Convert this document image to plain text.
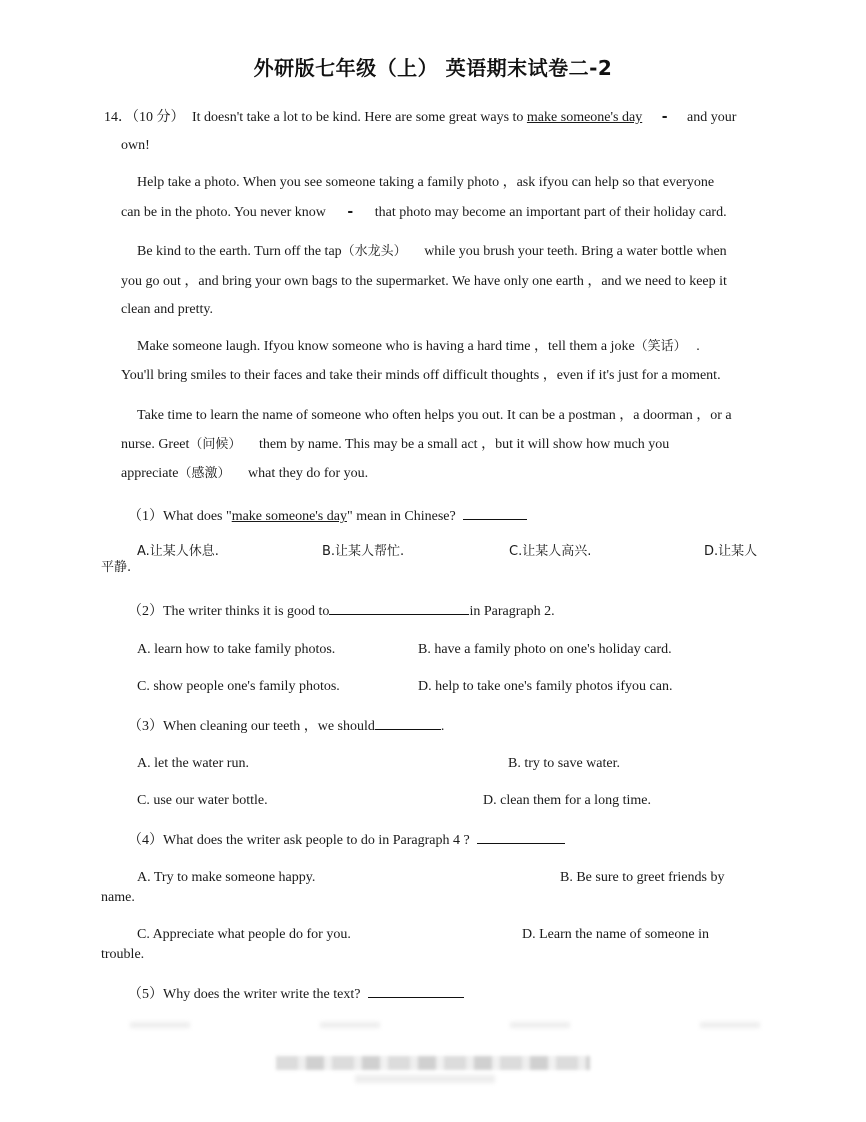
外研版七年级（上） 英语期末试卷二-2
14．（10 分） It doesn't take a lot to be kind. Here are some great ways to make someone's day - and your
own!
Help take a photo. When you see someone taking a family photo ，ask ifyou can help so that everyone
can be in the photo. You never know - that photo may become an important part of their holiday card.
Be kind to the earth. Turn off the tap（水龙头） while you brush your teeth. Bring a water bottle when
you go out ，and bring your own bags to the supermarket. We have only one earth ，and we need to keep it
clean and pretty.
Make someone laugh. Ifyou know someone who is having a hard time ，tell them a joke（笑话） .
You'll bring smiles to their faces and take their minds off difficult thoughts ，even if it's just for a moment.
Take time to learn the name of someone who often helps you out. It can be a postman ，a doorman ，or a
nurse. Greet（问候） them by name. This may be a small act ，but it will show how much you
appreciate（感激） what they do for you.
（1）What does "make someone's day" mean in Chinese?
A.让某人休息.	B.让某人帮忙.	C.让某人高兴.	D.让某人
平静.
（2）The writer thinks it is good to	in Paragraph 2.
A. learn how to take family photos.	B. have a family photo on one's holiday card.
C. show people one's family photos.	D. help to take one's family photos ifyou can.
（3）When cleaning our teeth ，we should	.
A. let the water run.	B. try to save water.
C. use our water bottle.	D. clean them for a long time.
（4）What does the writer ask people to do in Paragraph 4 ?
A. Try to make someone happy.	B. Be sure to greet friends by
name.
C. Appreciate what people do for you.	D. Learn the name of someone in
trouble.
（5）Why does the writer write the text?
